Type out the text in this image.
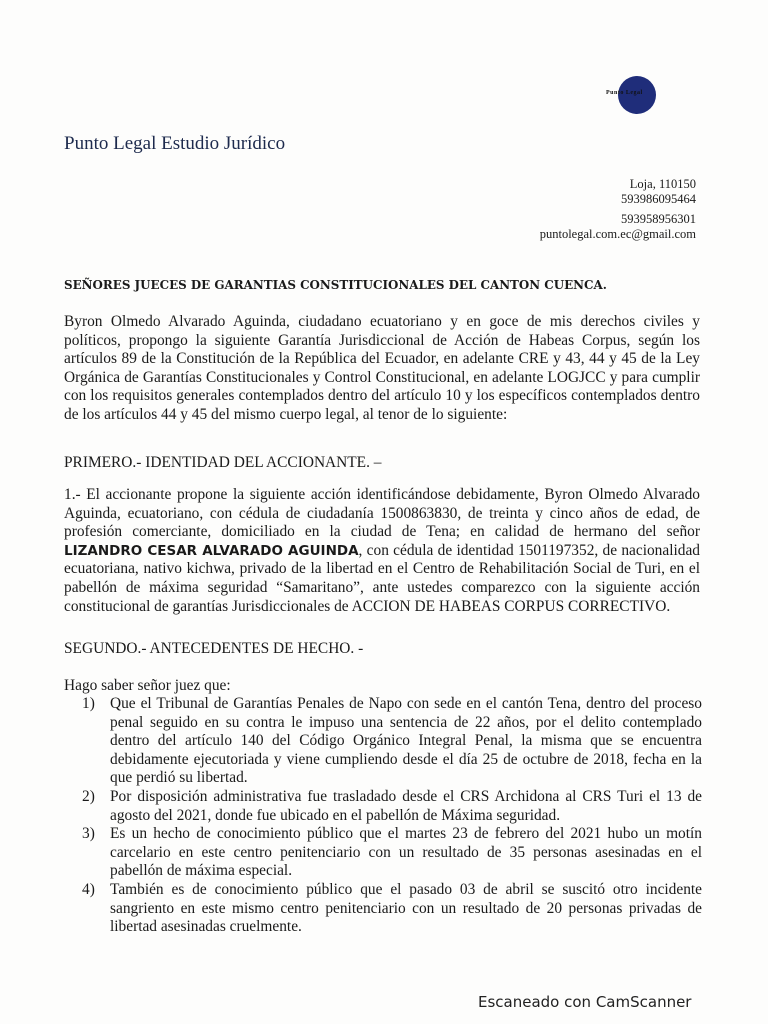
Punto Legal
Punto Legal Estudio Jurídico
Loja, 110150
593986095464
593958956301
puntolegal.com.ec@gmail.com
SEÑORES JUECES DE GARANTIAS CONSTITUCIONALES DEL CANTON CUENCA.
Byron Olmedo Alvarado Aguinda, ciudadano ecuatoriano y en goce de mis derechos civiles y políticos, propongo la siguiente Garantía Jurisdiccional de Acción de Habeas Corpus, según los artículos 89 de la Constitución de la República del Ecuador, en adelante CRE y 43, 44 y 45 de la Ley Orgánica de Garantías Constitucionales y Control Constitucional, en adelante LOGJCC y para cumplir con los requisitos generales contemplados dentro del artículo 10 y los específicos contemplados dentro de los artículos 44 y 45 del mismo cuerpo legal, al tenor de lo siguiente:
PRIMERO.- IDENTIDAD DEL ACCIONANTE. –
1.- El accionante propone la siguiente acción identificándose debidamente, Byron Olmedo Alvarado Aguinda, ecuatoriano, con cédula de ciudadanía 1500863830, de treinta y cinco años de edad, de profesión comerciante, domiciliado en la ciudad de Tena; en calidad de hermano del señor LIZANDRO CESAR ALVARADO AGUINDA, con cédula de identidad 1501197352, de nacionalidad ecuatoriana, nativo kichwa, privado de la libertad en el Centro de Rehabilitación Social de Turi, en el pabellón de máxima seguridad “Samaritano”, ante ustedes comparezco con la siguiente acción constitucional de garantías Jurisdiccionales de ACCION DE HABEAS CORPUS CORRECTIVO.
SEGUNDO.- ANTECEDENTES DE HECHO. -
Hago saber señor juez que:
1) Que el Tribunal de Garantías Penales de Napo con sede en el cantón Tena, dentro del proceso penal seguido en su contra le impuso una sentencia de 22 años, por el delito contemplado dentro del artículo 140 del Código Orgánico Integral Penal, la misma que se encuentra debidamente ejecutoriada y viene cumpliendo desde el día 25 de octubre de 2018, fecha en la que perdió su libertad.
2) Por disposición administrativa fue trasladado desde el CRS Archidona al CRS Turi el 13 de agosto del 2021, donde fue ubicado en el pabellón de Máxima seguridad.
3) Es un hecho de conocimiento público que el martes 23 de febrero del 2021 hubo un motín carcelario en este centro penitenciario con un resultado de 35 personas asesinadas en el pabellón de máxima especial.
4) También es de conocimiento público que el pasado 03 de abril se suscitó otro incidente sangriento en este mismo centro penitenciario con un resultado de 20 personas privadas de libertad asesinadas cruelmente.
Escaneado con CamScanner
